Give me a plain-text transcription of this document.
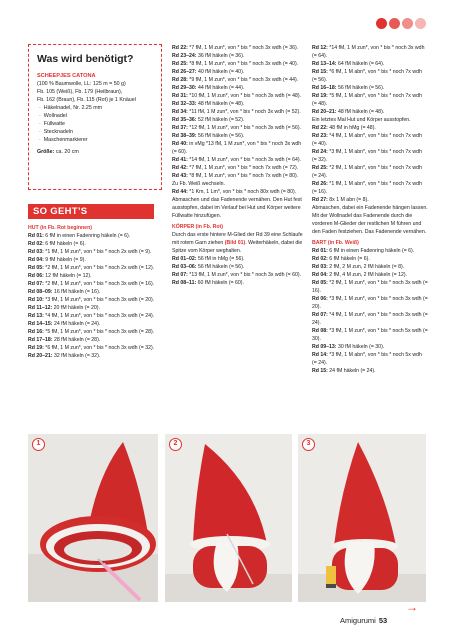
Was wird benötigt?
SCHEEPJES CATONA
(100 % Baumwolle, LL: 125 m = 50 g)
Fb. 105 (Weiß), Fb. 179 (Heilbraun),
Fb. 162 (Braun), Fb. 115 (Rot) je 1 Knäuel
· Häkelnadel, Nr. 2.25 mm
· Wollnadel
· Füllwatte
· Stecknadeln
· Maschenmarkierer
Größe: ca. 20 cm
SO GEHT’S
HUT (in Fb. Rot beginnen)
Rd 01: 6 fM in einen Fadenring häkeln (= 6).
Rd 02: 6 fM häkeln (= 6).
Rd 03: *1 fM, 1 M zun*, von * bis * noch 2x wdh (= 9).
Rd 04: 9 fM häkeln (= 9).
Rd 05: *2 fM, 1 M zun*, von * bis * noch 2x wdh (= 12).
Rd 06: 12 fM häkeln (= 12).
Rd 07: *2 fM, 1 M zun*, von * bis * noch 3x wdh (= 16).
Rd 08–09: 16 fM häkeln (= 16).
Rd 10: *3 fM, 1 M zun*, von * bis * noch 3x wdh (= 20).
Rd 11–12: 20 fM häkeln (= 20).
Rd 13: *4 fM, 1 M zun*, von * bis * noch 3x wdh (= 24).
Rd 14–15: 24 fM häkeln (= 24).
Rd 16: *5 fM, 1 M zun*, von * bis * noch 3x wdh (= 28).
Rd 17–18: 28 fM häkeln (= 28).
Rd 19: *6 fM, 1 M zun*, von * bis * noch 3x wdh (= 32).
Rd 20–21: 32 fM häkeln (= 32).
Rd 22: *7 fM, 1 M zun*, von * bis * noch 3x wdh (= 36).
Rd 23–24: 36 fM häkeln (= 36).
Rd 25: *8 fM, 1 M zun*, von * bis * noch 3x wdh (= 40).
Rd 26–27: 40 fM häkeln (= 40).
Rd 28: *9 fM, 1 M zun*, von * bis * noch 3x wdh (= 44).
Rd 29–30: 44 fM häkeln (= 44).
Rd 31: *10 fM, 1 M zun*, von * bis * noch 3x wdh (= 48).
Rd 32–33: 48 fM häkeln (= 48).
Rd 34: *11 fM, 1 M zun*, von * bis * noch 3x wdh (= 52).
Rd 35–36: 52 fM häkeln (= 52).
Rd 37: *12 fM, 1 M zun*, von * bis * noch 3x wdh (= 56).
Rd 38–39: 56 fM häkeln (= 56).
Rd 40: in vMg *13 fM, 1 M zun*, von * bis * noch 3x wdh (= 60).
Rd 41: *14 fM, 1 M zun*, von * bis * noch 3x wdh (= 64).
Rd 42: *7 fM, 1 M zun*, von * bis * noch 7x wdh (= 72).
Rd 43: *8 fM, 1 M zun*, von * bis * noch 7x wdh (= 80). Zu Fb. Weiß wechseln.
Rd 44: *1 Km, 1 Lm*, von * bis * noch 80x wdh (= 80).
Abmaschen und das Fadenende vernähen. Den Hut fest ausstopfen, dabei im Verlauf bei Hut und Körper weitere Füllwatte hinzufügen.
KÖRPER (in Fb. Rot)
Durch das erste hintere M-Glied der Rd 39 eine Schlaufe mit rotem Garn ziehen (Bild 01). Weiterhäkeln, dabei die Spitze vom Körper weghalten.
Rd 01–02: 56 fM in hMg (= 56).
Rd 03–06: 56 fM häkeln (= 56).
Rd 07: *13 fM, 1 M zun*, von * bis * noch 3x wdh (= 60).
Rd 08–11: 60 fM häkeln (= 60).
Rd 12: *14 fM, 1 M zun*, von * bis * noch 3x wdh (= 64).
Rd 13–14: 64 fM häkeln (= 64).
Rd 15: *6 fM, 1 M abn*, von * bis * noch 7x wdh (= 56).
Rd 16–18: 56 fM häkeln (= 56).
Rd 19: *5 fM, 1 M abn*, von * bis * noch 7x wdh (= 48).
Rd 20–21: 48 fM häkeln (= 48).
Ein letztes Mal Hut und Körper ausstopfen.
Rd 22: 48 fM in hMg (= 48).
Rd 23: *4 fM, 1 M abn*, von * bis * noch 7x wdh (= 40).
Rd 24: *3 fM, 1 M abn*, von * bis * noch 7x wdh (= 32).
Rd 25: *2 fM, 1 M abn*, von * bis * noch 7x wdh (= 24).
Rd 26: *1 fM, 1 M abn*, von * bis * noch 7x wdh (= 16).
Rd 27: 8x 1 M abn (= 8).
Abmaschen, dabei ein Fadenende hängen lassen. Mit der Wollnadel das Fadenende durch die vorderen M-Glieder der restlichen M führen und den Faden festziehen. Das Fadenende vernähen.
BART (in Fb. Weiß)
Rd 01: 6 fM in einen Fadenring häkeln (= 6).
Rd 02: 6 fM häkeln (= 6).
Rd 03: 2 fM, 2 M zun, 2 fM häkeln (= 8).
Rd 04: 2 fM, 4 M zun, 2 fM häkeln (= 12).
Rd 05: *2 fM, 1 M zun*, von * bis * noch 3x wdh (= 16).
Rd 06: *3 fM, 1 M zun*, von * bis * noch 3x wdh (= 20).
Rd 07: *4 fM, 1 M zun*, von * bis * noch 3x wdh (= 24).
Rd 08: *3 fM, 1 M zun*, von * bis * noch 5x wdh (= 30).
Rd 09–13: 30 fM häkeln (= 30).
Rd 14: *3 fM, 1 M abn*, von * bis * noch 5x wdh (= 24).
Rd 15: 24 fM häkeln (= 24).
1	2	3
→
Amigurumi 53
